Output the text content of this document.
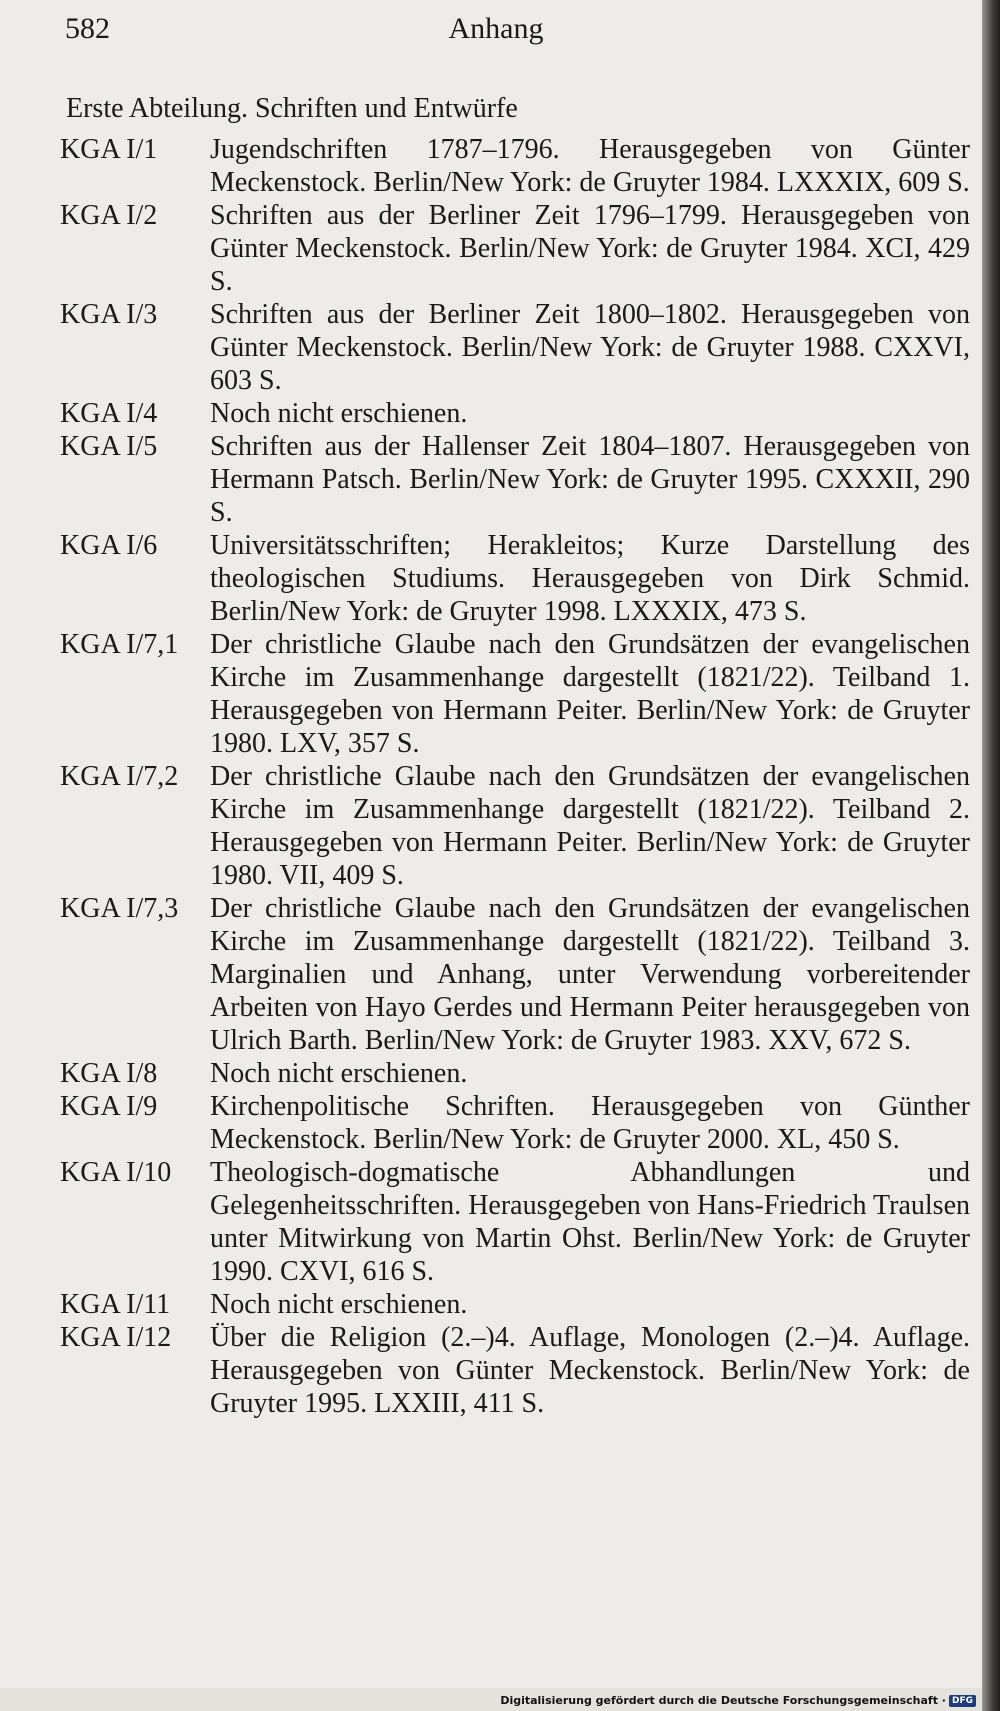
582	Anhang
Erste Abteilung. Schriften und Entwürfe
KGA I/1	Jugendschriften 1787–1796. Herausgegeben von Günter Meckenstock. Berlin/New York: de Gruyter 1984. LXXXIX, 609 S.
KGA I/2	Schriften aus der Berliner Zeit 1796–1799. Herausgegeben von Günter Meckenstock. Berlin/New York: de Gruyter 1984. XCI, 429 S.
KGA I/3	Schriften aus der Berliner Zeit 1800–1802. Herausgegeben von Günter Meckenstock. Berlin/New York: de Gruyter 1988. CXXVI, 603 S.
KGA I/4	Noch nicht erschienen.
KGA I/5	Schriften aus der Hallenser Zeit 1804–1807. Herausgegeben von Hermann Patsch. Berlin/New York: de Gruyter 1995. CXXXII, 290 S.
KGA I/6	Universitätsschriften; Herakleitos; Kurze Darstellung des theologischen Studiums. Herausgegeben von Dirk Schmid. Berlin/New York: de Gruyter 1998. LXXXIX, 473 S.
KGA I/7,1	Der christliche Glaube nach den Grundsätzen der evangelischen Kirche im Zusammenhange dargestellt (1821/22). Teilband 1. Herausgegeben von Hermann Peiter. Berlin/New York: de Gruyter 1980. LXV, 357 S.
KGA I/7,2	Der christliche Glaube nach den Grundsätzen der evangelischen Kirche im Zusammenhange dargestellt (1821/22). Teilband 2. Herausgegeben von Hermann Peiter. Berlin/New York: de Gruyter 1980. VII, 409 S.
KGA I/7,3	Der christliche Glaube nach den Grundsätzen der evangelischen Kirche im Zusammenhange dargestellt (1821/22). Teilband 3. Marginalien und Anhang, unter Verwendung vorbereitender Arbeiten von Hayo Gerdes und Hermann Peiter herausgegeben von Ulrich Barth. Berlin/New York: de Gruyter 1983. XXV, 672 S.
KGA I/8	Noch nicht erschienen.
KGA I/9	Kirchenpolitische Schriften. Herausgegeben von Günther Meckenstock. Berlin/New York: de Gruyter 2000. XL, 450 S.
KGA I/10	Theologisch-dogmatische Abhandlungen und Gelegenheitsschriften. Herausgegeben von Hans-Friedrich Traulsen unter Mitwirkung von Martin Ohst. Berlin/New York: de Gruyter 1990. CXVI, 616 S.
KGA I/11	Noch nicht erschienen.
KGA I/12	Über die Religion (2.–)4. Auflage, Monologen (2.–)4. Auflage. Herausgegeben von Günter Meckenstock. Berlin/New York: de Gruyter 1995. LXXIII, 411 S.
Digitalisierung gefördert durch die Deutsche Forschungsgemeinschaft · DFG
